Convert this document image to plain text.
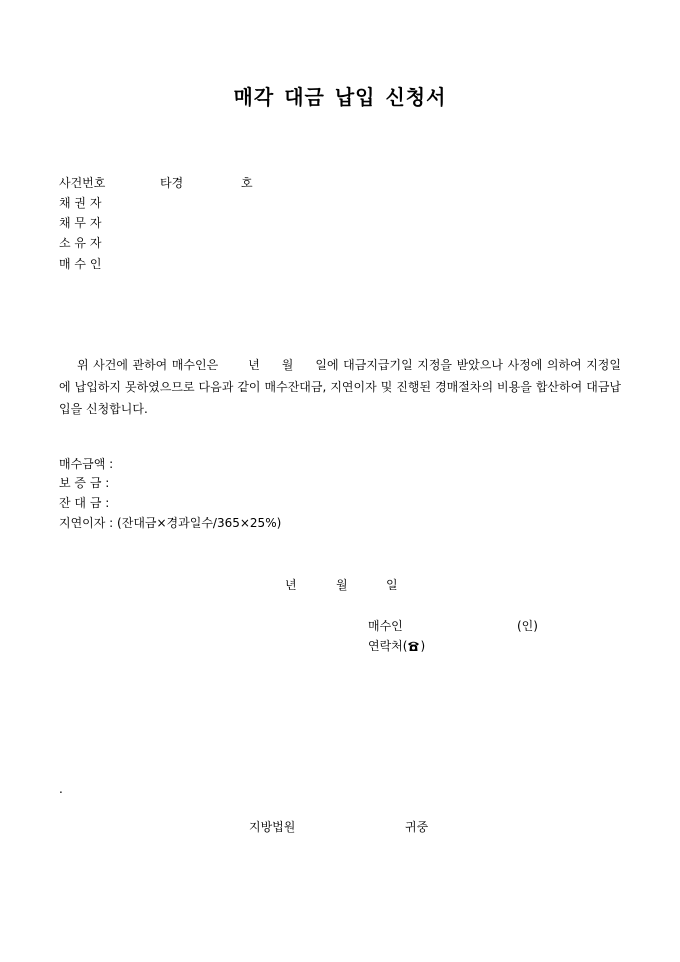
매각 대금 납입 신청서
사건번호	타경	호
채 권 자
채 무 자
소 유 자
매 수 인
위 사건에 관하여 매수인은	년 월 일에 대금지급기일 지정을 받았으나 사정에 의하여 지정일에 납입하지 못하였으므로 다음과 같이 매수잔대금, 지연이자 및 진행된 경매절차의 비용을 합산하여 대금납입을 신청합니다.
매수금액 :
보 증 금 :
잔 대 금 :
지연이자 : (잔대금×경과일수/365×25%)
년	월	일
매수인	(인)
연락처( )
.
지방법원	귀중
